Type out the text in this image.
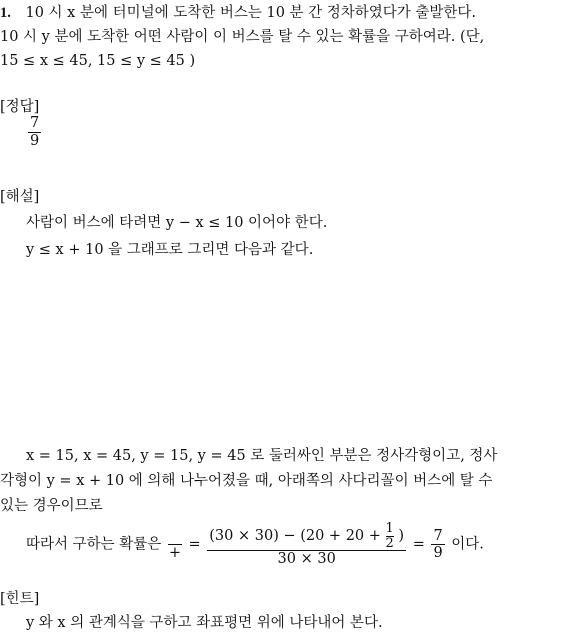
1. 10 시 x 분에 터미널에 도착한 버스는 10 분 간 정차하였다가 출발한다.
10 시 y 분에 도착한 어떤 사람이 이 버스를 탈 수 있는 확률을 구하여라. (단,
15 ≤ x ≤ 45, 15 ≤ y ≤ 45 )
[정답]
$\frac{7}{9}$
[해설]
사람이 버스에 타려면 y − x ≤ 10 이어야 한다.
y ≤ x + 10 을 그래프로 그리면 다음과 같다.
x = 15, x = 45, y = 15, y = 45 로 둘러싸인 부분은 정사각형이고, 정사
각형이 y = x + 10 에 의해 나누어졌을 때, 아래쪽의 사다리꼴이 버스에 탈 수
있는 경우이므로
따라서 구하는 확률은

+
=
$(30 \times 30) - (20 + 20 + \frac{1}{2}$ )
30 × 30
= $\frac{7}{9}$ 이다.
[힌트]
y 와 x 의 관계식을 구하고 좌표평면 위에 나타내어 본다.
